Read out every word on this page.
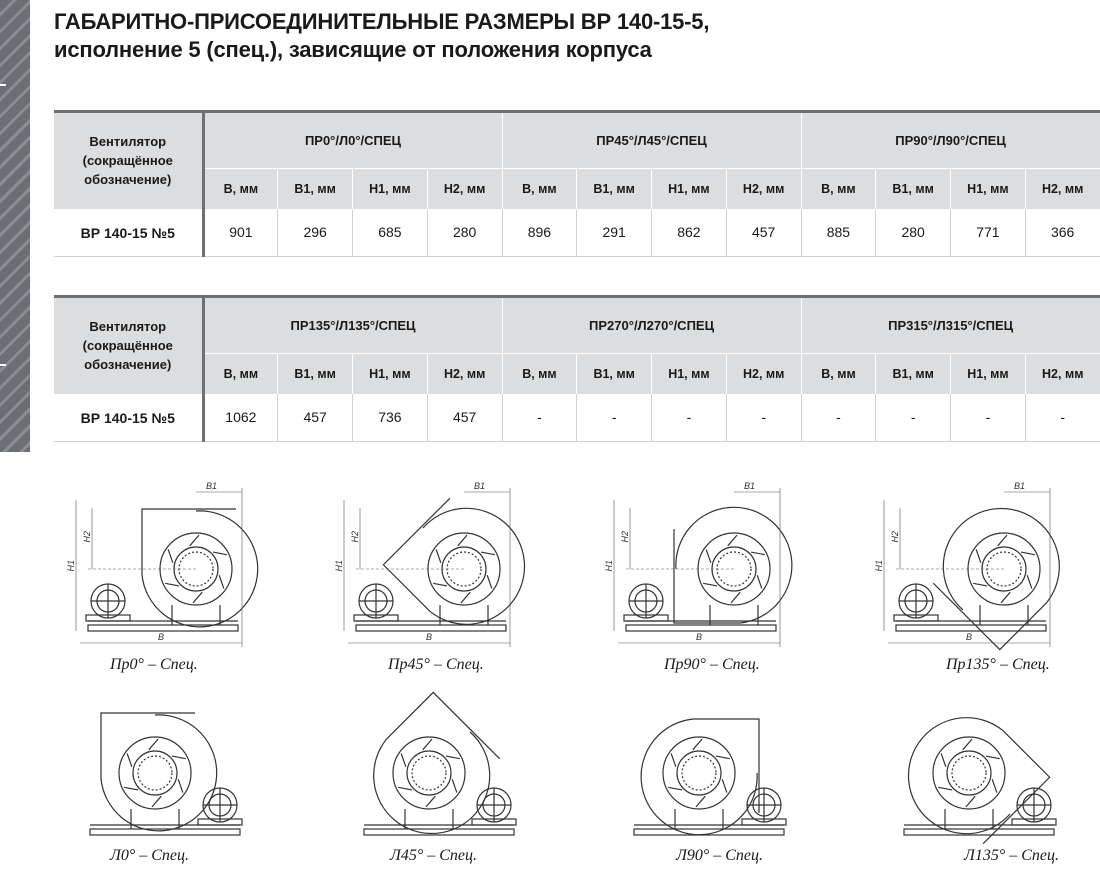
ГАБАРИТНО-ПРИСОЕДИНИТЕЛЬНЫЕ РАЗМЕРЫ ВР 140-15-5,
исполнение 5 (спец.), зависящие от положения корпуса
Вентилятор
(сокращённое
обозначение)	ПР0°/Л0°/СПЕЦ				ПР45°/Л45°/СПЕЦ				ПР90°/Л90°/СПЕЦ			
	B, мм	B1, мм	H1, мм	H2, мм	B, мм	B1, мм	H1, мм	H2, мм	B, мм	B1, мм	H1, мм	H2, мм
ВР 140-15 №5	901	296	685	280	896	291	862	457	885	280	771	366
Вентилятор
(сокращённое
обозначение)	ПР135°/Л135°/СПЕЦ				ПР270°/Л270°/СПЕЦ				ПР315°/Л315°/СПЕЦ			
	B, мм	B1, мм	H1, мм	H2, мм	B, мм	B1, мм	H1, мм	H2, мм	B, мм	B1, мм	H1, мм	H2, мм
ВР 140-15 №5	1062	457	736	457	-	-	-	-	-	-	-	-
B
B1
H1
H2
Пр0° – Спец.
B
B1
H1
H2
Пр45° – Спец.
B
B1
H1
H2
Пр90° – Спец.
B
B1
H1
H2
Пр135° – Спец.
Л0° – Спец.	Л45° – Спец.	Л90° – Спец.	Л135° – Спец.
